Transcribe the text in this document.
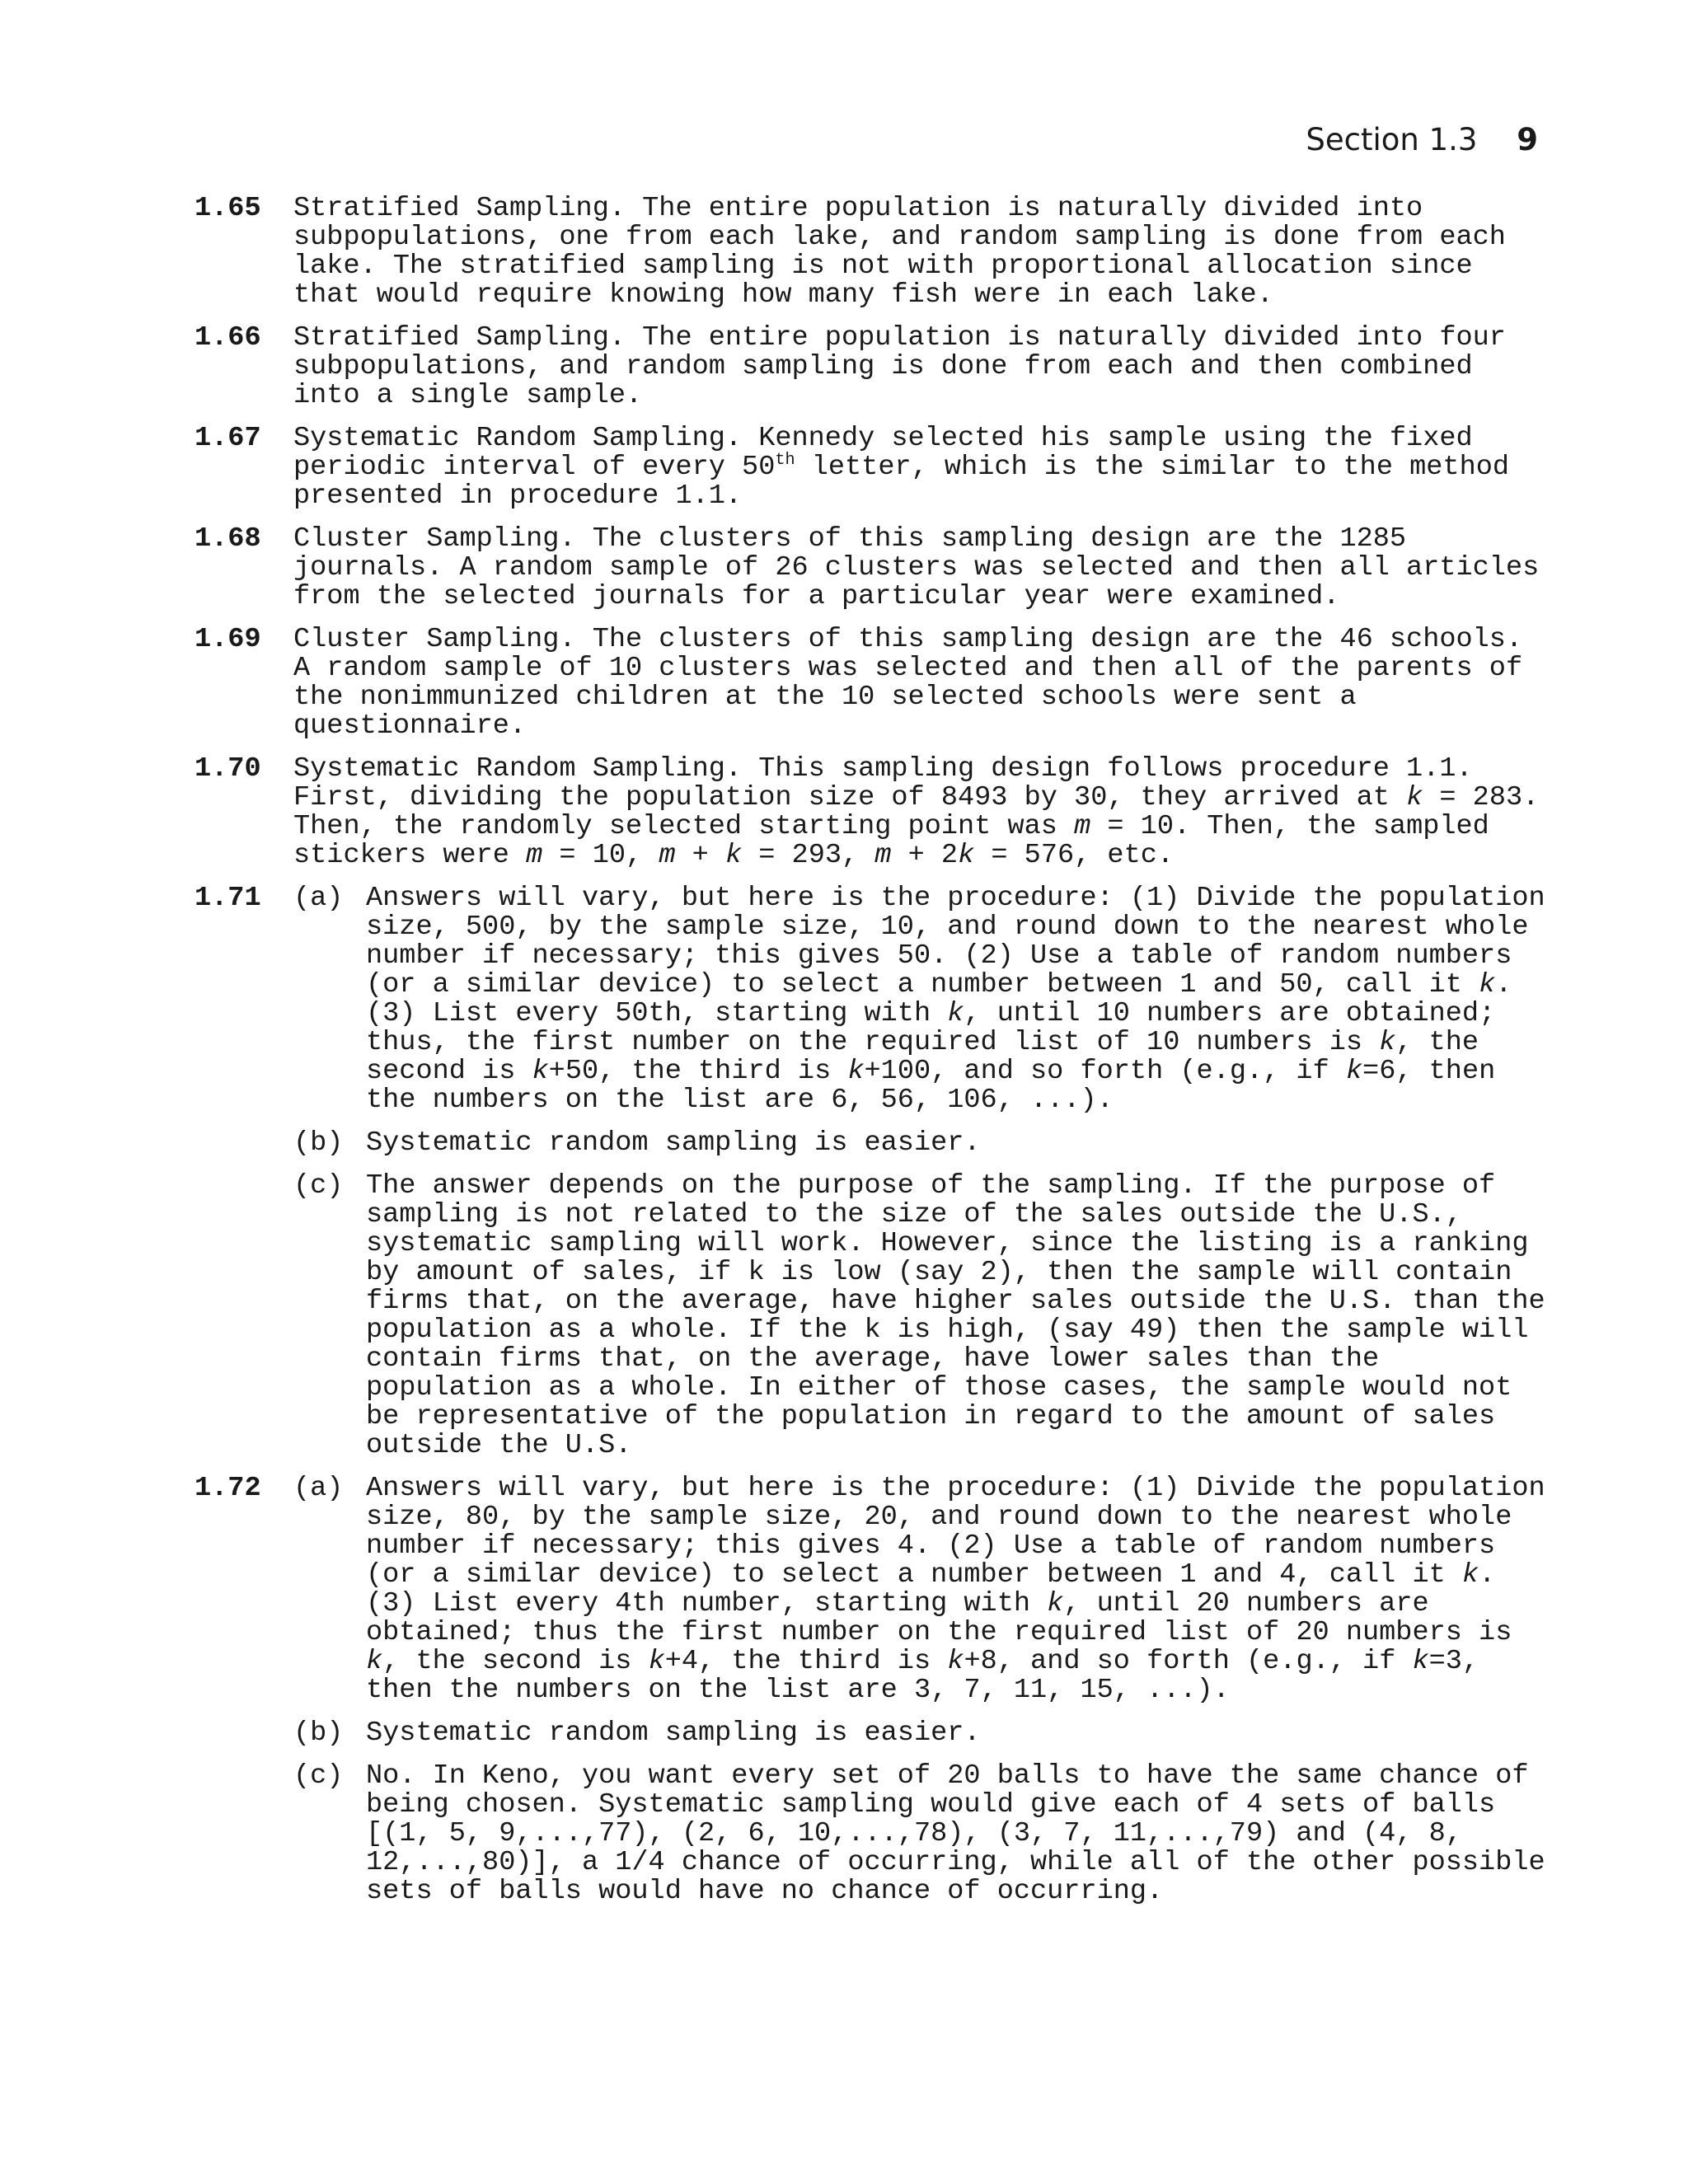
Section 1.3 9
1.65	Stratified Sampling. The entire population is naturally divided into subpopulations, one from each lake, and random sampling is done from each lake. The stratified sampling is not with proportional allocation since that would require knowing how many fish were in each lake.
1.66	Stratified Sampling. The entire population is naturally divided into four subpopulations, and random sampling is done from each and then combined into a single sample.
1.67	Systematic Random Sampling. Kennedy selected his sample using the fixed periodic interval of every 50th letter, which is the similar to the method presented in procedure 1.1.
1.68	Cluster Sampling. The clusters of this sampling design are the 1285 journals. A random sample of 26 clusters was selected and then all articles from the selected journals for a particular year were examined.
1.69	Cluster Sampling. The clusters of this sampling design are the 46 schools. A random sample of 10 clusters was selected and then all of the parents of the nonimmunized children at the 10 selected schools were sent a questionnaire.
1.70	Systematic Random Sampling. This sampling design follows procedure 1.1. First, dividing the population size of 8493 by 30, they arrived at k = 283. Then, the randomly selected starting point was m = 10. Then, the sampled stickers were m = 10, m + k = 293, m + 2k = 576, etc.
1.71	(a) Answers will vary, but here is the procedure: (1) Divide the population size, 500, by the sample size, 10, and round down to the nearest whole number if necessary; this gives 50. (2) Use a table of random numbers (or a similar device) to select a number between 1 and 50, call it k. (3) List every 50th, starting with k, until 10 numbers are obtained; thus, the first number on the required list of 10 numbers is k, the second is k+50, the third is k+100, and so forth (e.g., if k=6, then the numbers on the list are 6, 56, 106, ...).
(b) Systematic random sampling is easier.
(c) The answer depends on the purpose of the sampling. If the purpose of sampling is not related to the size of the sales outside the U.S., systematic sampling will work. However, since the listing is a ranking by amount of sales, if k is low (say 2), then the sample will contain firms that, on the average, have higher sales outside the U.S. than the population as a whole. If the k is high, (say 49) then the sample will contain firms that, on the average, have lower sales than the population as a whole. In either of those cases, the sample would not be representative of the population in regard to the amount of sales outside the U.S.
1.72	(a) Answers will vary, but here is the procedure: (1) Divide the population size, 80, by the sample size, 20, and round down to the nearest whole number if necessary; this gives 4. (2) Use a table of random numbers (or a similar device) to select a number between 1 and 4, call it k. (3) List every 4th number, starting with k, until 20 numbers are obtained; thus the first number on the required list of 20 numbers is k, the second is k+4, the third is k+8, and so forth (e.g., if k=3, then the numbers on the list are 3, 7, 11, 15, ...).
(b) Systematic random sampling is easier.
(c) No. In Keno, you want every set of 20 balls to have the same chance of being chosen. Systematic sampling would give each of 4 sets of balls [(1, 5, 9,...,77), (2, 6, 10,...,78), (3, 7, 11,...,79) and (4, 8, 12,...,80)], a 1/4 chance of occurring, while all of the other possible sets of balls would have no chance of occurring.
